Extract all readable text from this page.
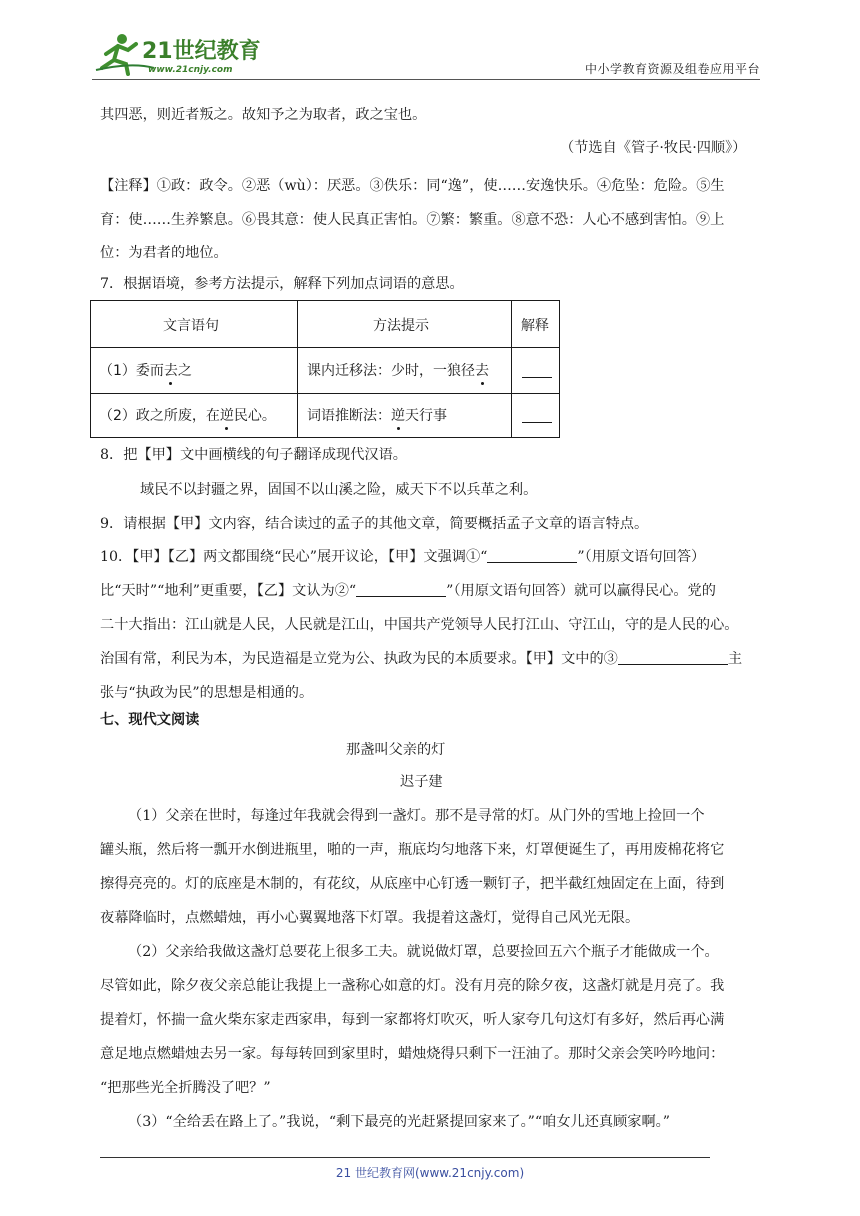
21世纪教育
www.21cnjy.com	中小学教育资源及组卷应用平台
其四恶，则近者叛之。故知予之为取者，政之宝也。
（节选自《管子·牧民·四顺》）
【注释】①政：政令。②恶（wù）：厌恶。③佚乐：同“逸”，使……安逸快乐。④危坠：危险。⑤生
育：使……生养繁息。⑥畏其意：使人民真正害怕。⑦繁：繁重。⑧意不恐：人心不感到害怕。⑨上
位：为君者的地位。
7．根据语境，参考方法提示，解释下列加点词语的意思。
文言语句	方法提示	解释
（1）委而去之	课内迁移法：少时，一狼径去
（2）政之所废，在逆民心。 词语推断法：逆天行事
8．把【甲】文中画横线的句子翻译成现代汉语。
域民不以封疆之界，固国不以山溪之险，威天下不以兵革之利。
9．请根据【甲】文内容，结合读过的孟子的其他文章，简要概括孟子文章的语言特点。
10．【甲】【乙】两文都围绕“民心”展开议论，【甲】文强调①“	”（用原文语句回答）
比“天时”“地利”更重要，【乙】文认为②“	”（用原文语句回答）就可以赢得民心。党的
二十大指出：江山就是人民，人民就是江山，中国共产党领导人民打江山、守江山，守的是人民的心。
治国有常，利民为本，为民造福是立党为公、执政为民的本质要求。【甲】文中的③	主
张与“执政为民”的思想是相通的。
七、现代文阅读
那盏叫父亲的灯
迟子建
（1）父亲在世时，每逢过年我就会得到一盏灯。那不是寻常的灯。从门外的雪地上捡回一个
罐头瓶，然后将一瓢开水倒进瓶里，啪的一声，瓶底均匀地落下来，灯罩便诞生了，再用废棉花将它
擦得亮亮的。灯的底座是木制的，有花纹，从底座中心钉透一颗钉子，把半截红烛固定在上面，待到
夜幕降临时，点燃蜡烛，再小心翼翼地落下灯罩。我提着这盏灯，觉得自己风光无限。
（2）父亲给我做这盏灯总要花上很多工夫。就说做灯罩，总要捡回五六个瓶子才能做成一个。
尽管如此，除夕夜父亲总能让我提上一盏称心如意的灯。没有月亮的除夕夜，这盏灯就是月亮了。我
提着灯，怀揣一盒火柴东家走西家串，每到一家都将灯吹灭，听人家夸几句这灯有多好，然后再心满
意足地点燃蜡烛去另一家。每每转回到家里时，蜡烛烧得只剩下一汪油了。那时父亲会笑吟吟地问：
“把那些光全折腾没了吧？”
（3）“全给丢在路上了。”我说，“剩下最亮的光赶紧提回家来了。”“咱女儿还真顾家啊。”
21 世纪教育网(www.21cnjy.com)
